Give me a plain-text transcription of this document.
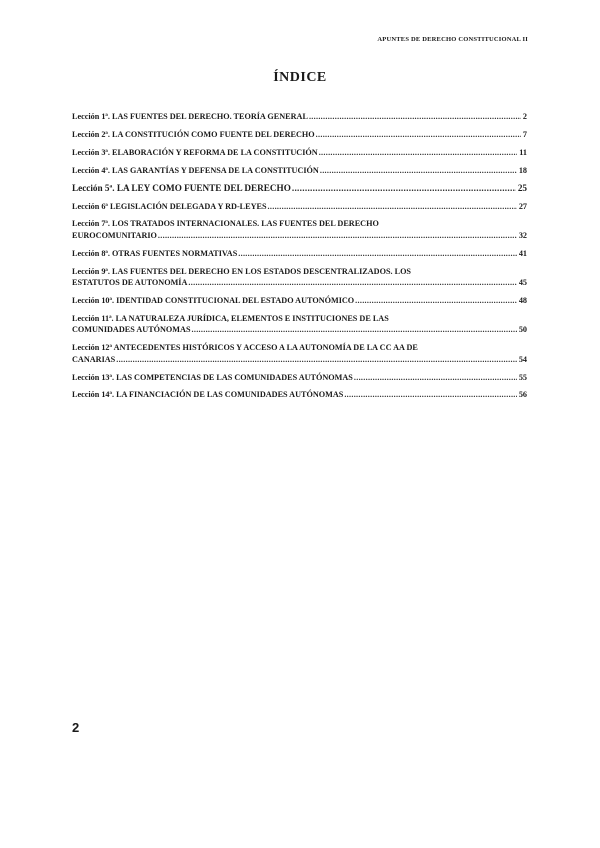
APUNTES DE DERECHO CONSTITUCIONAL II
ÍNDICE
Lección 1ª. LAS FUENTES DEL DERECHO. TEORÍA GENERAL .....	2
Lección 2ª. LA CONSTITUCIÓN COMO FUENTE DEL DERECHO .....	7
Lección 3ª. ELABORACIÓN Y REFORMA DE LA CONSTITUCIÓN .....	11
Lección 4ª. LAS GARANTÍAS Y DEFENSA DE LA CONSTITUCIÓN .....	18
Lección 5ª. LA LEY COMO FUENTE DEL DERECHO .....	25
Lección 6ª LEGISLACIÓN DELEGADA Y RD-LEYES .....	27
Lección 7ª. LOS TRATADOS INTERNACIONALES. LAS FUENTES DEL DERECHO
EUROCOMUNITARIO .....	32
Lección 8ª. OTRAS FUENTES NORMATIVAS .....	41
Lección 9ª. LAS FUENTES DEL DERECHO EN LOS ESTADOS DESCENTRALIZADOS. LOS
ESTATUTOS DE AUTONOMÍA .....	45
Lección 10ª. IDENTIDAD CONSTITUCIONAL DEL ESTADO AUTONÓMICO .....	48
Lección 11ª. LA NATURALEZA JURÍDICA, ELEMENTOS E INSTITUCIONES DE LAS
COMUNIDADES AUTÓNOMAS .....	50
Lección 12ª ANTECEDENTES HISTÓRICOS Y ACCESO A LA AUTONOMÍA DE LA CC AA DE
CANARIAS .....	54
Lección 13ª. LAS COMPETENCIAS DE LAS COMUNIDADES AUTÓNOMAS .....	55
Lección 14ª. LA FINANCIACIÓN DE LAS COMUNIDADES AUTÓNOMAS .....	56
2
